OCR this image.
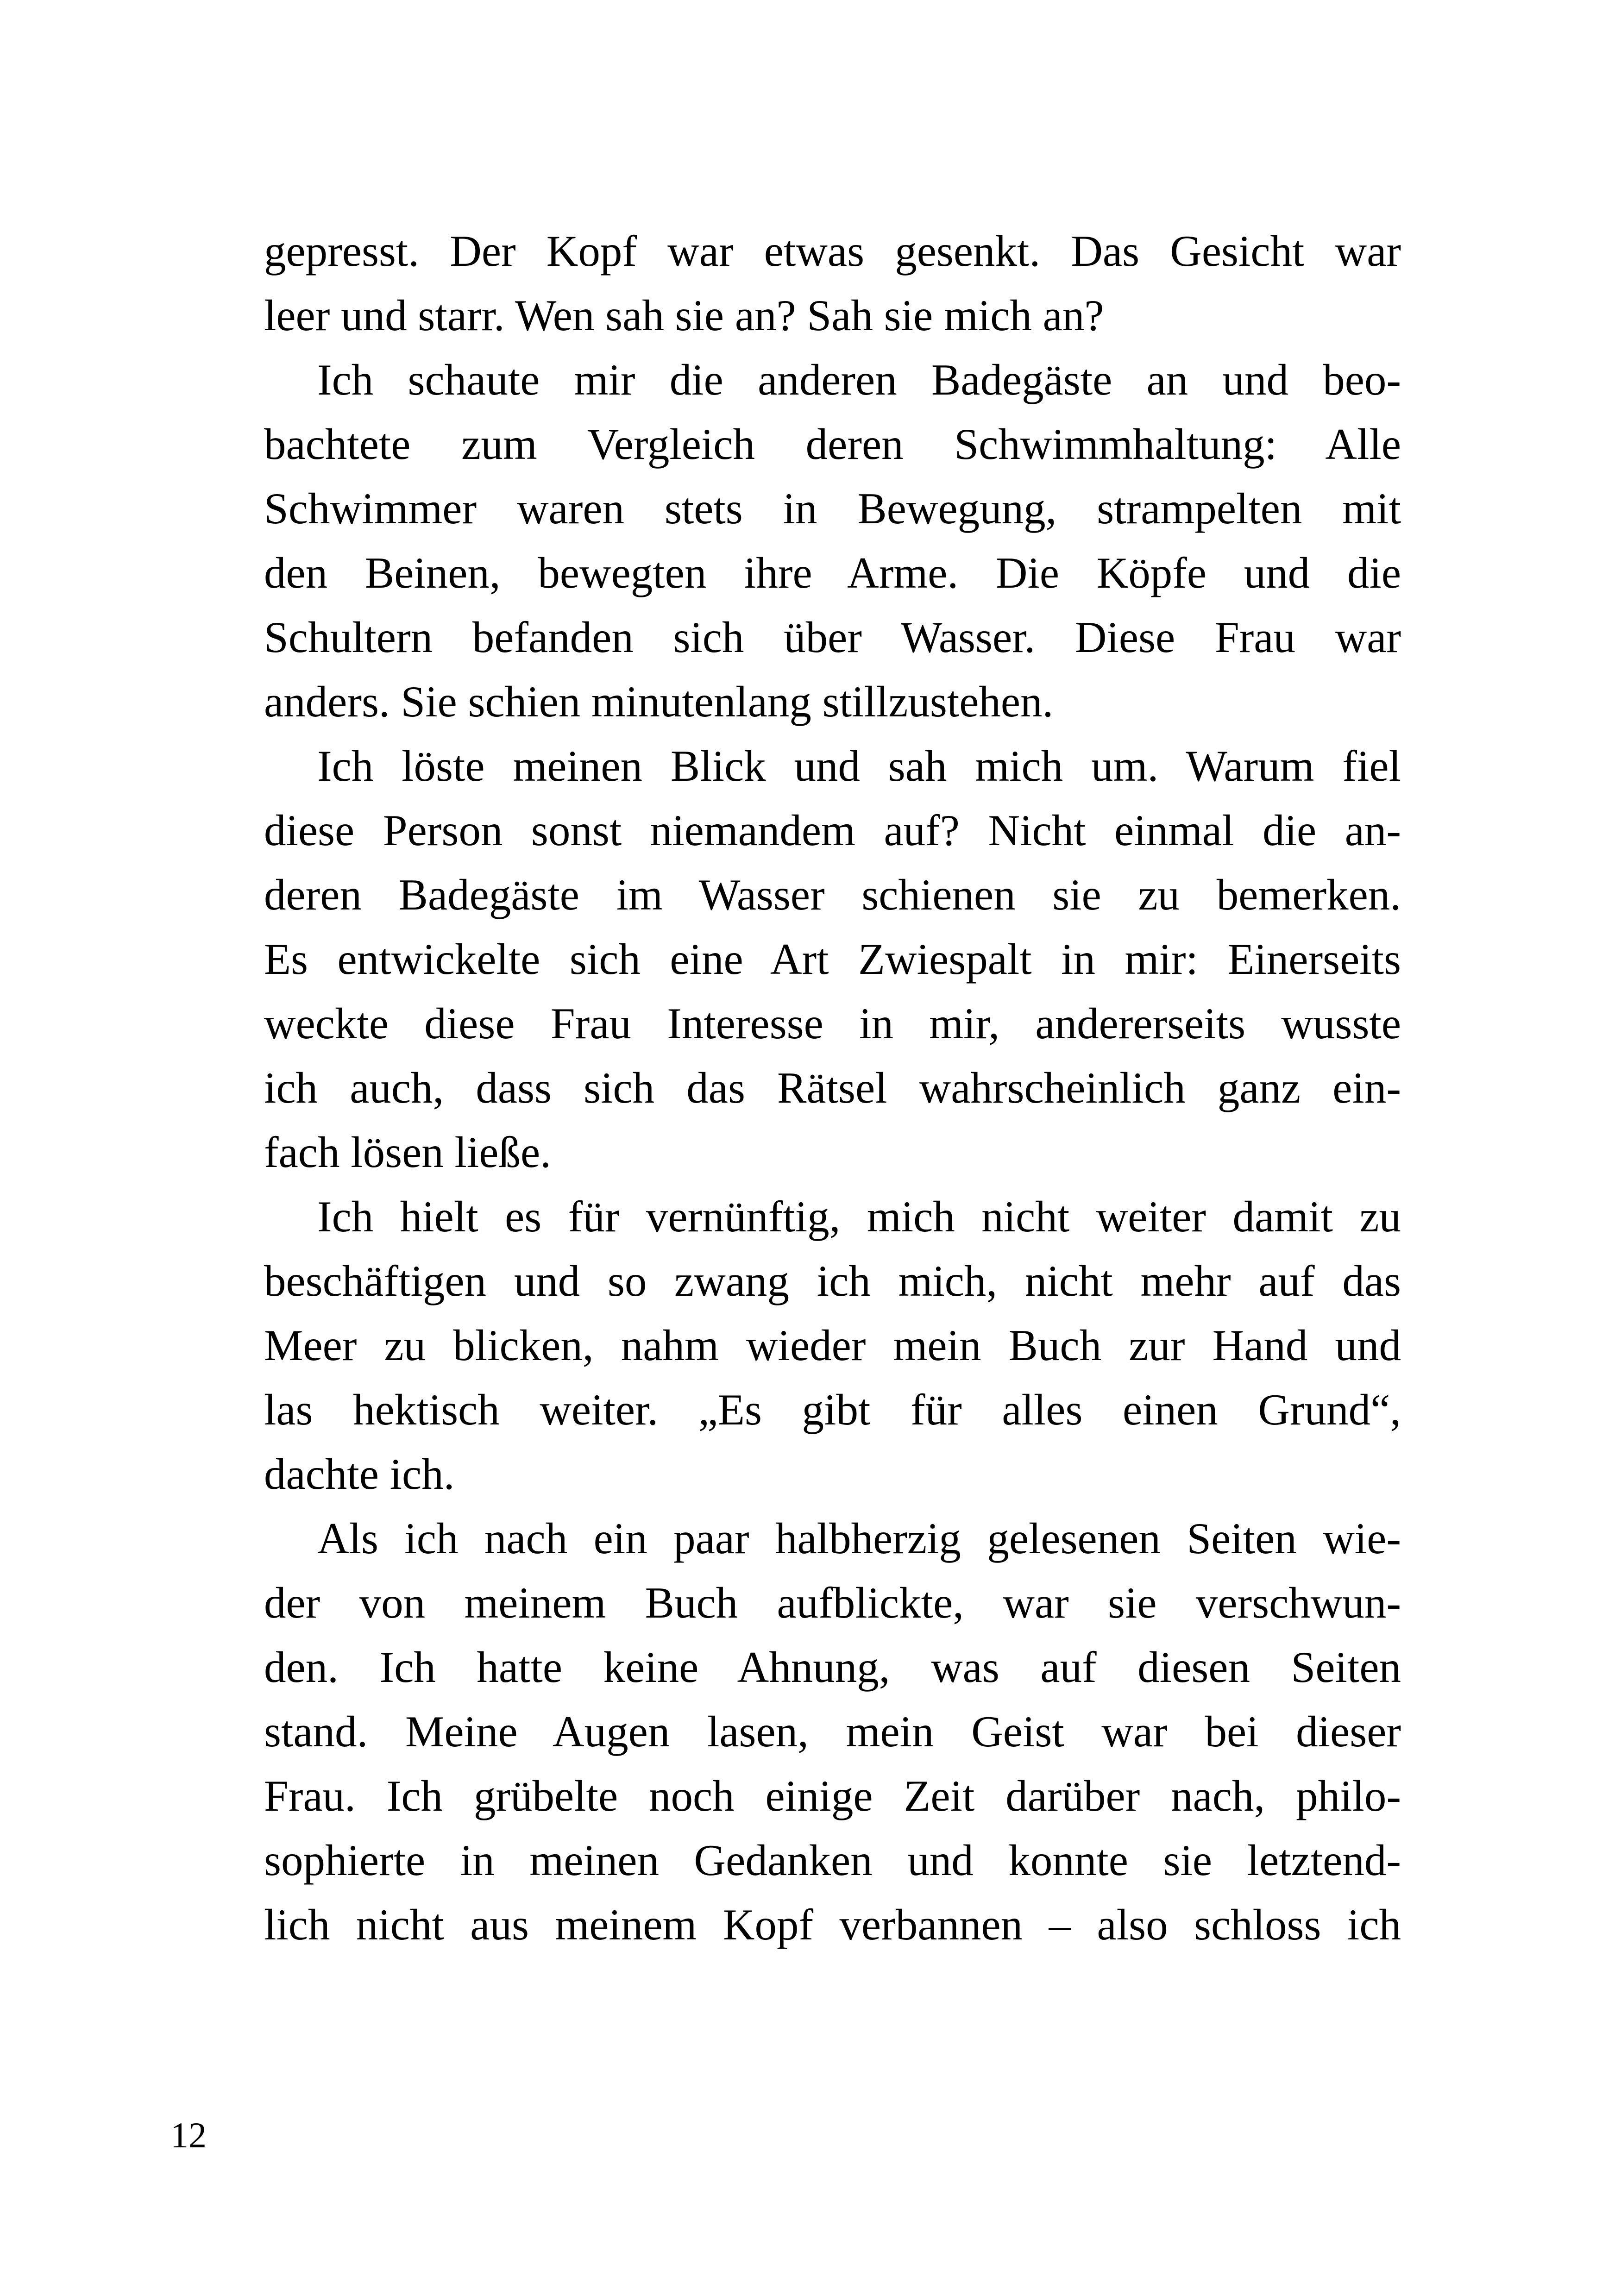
gepresst. Der Kopf war etwas gesenkt. Das Gesicht war
leer und starr. Wen sah sie an? Sah sie mich an?
Ich schaute mir die anderen Badegäste an und beo-
bachtete zum Vergleich deren Schwimmhaltung: Alle
Schwimmer waren stets in Bewegung, strampelten mit
den Beinen, bewegten ihre Arme. Die Köpfe und die
Schultern befanden sich über Wasser. Diese Frau war
anders. Sie schien minutenlang stillzustehen.
Ich löste meinen Blick und sah mich um. Warum fiel
diese Person sonst niemandem auf? Nicht einmal die an-
deren Badegäste im Wasser schienen sie zu bemerken.
Es entwickelte sich eine Art Zwiespalt in mir: Einerseits
weckte diese Frau Interesse in mir, andererseits wusste
ich auch, dass sich das Rätsel wahrscheinlich ganz ein-
fach lösen ließe.
Ich hielt es für vernünftig, mich nicht weiter damit zu
beschäftigen und so zwang ich mich, nicht mehr auf das
Meer zu blicken, nahm wieder mein Buch zur Hand und
las hektisch weiter. „Es gibt für alles einen Grund“,
dachte ich.
Als ich nach ein paar halbherzig gelesenen Seiten wie-
der von meinem Buch aufblickte, war sie verschwun-
den. Ich hatte keine Ahnung, was auf diesen Seiten
stand. Meine Augen lasen, mein Geist war bei dieser
Frau. Ich grübelte noch einige Zeit darüber nach, philo-
sophierte in meinen Gedanken und konnte sie letztend-
lich nicht aus meinem Kopf verbannen – also schloss ich
12
